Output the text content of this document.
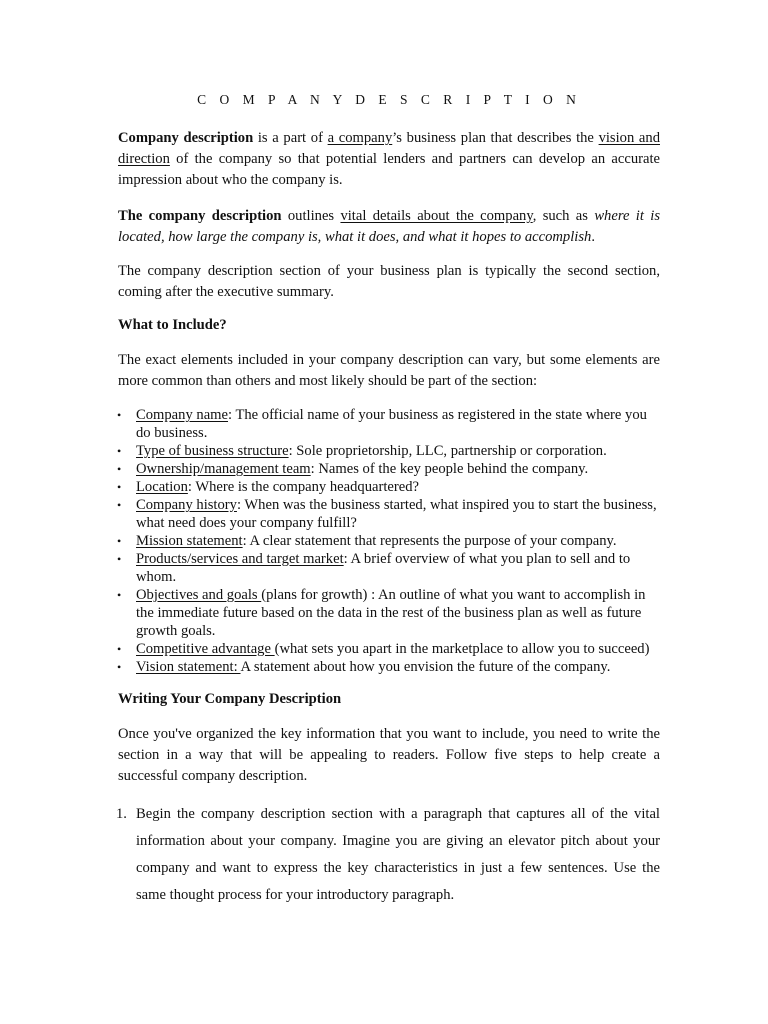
C O M P A N Y D E S C R I P T I O N

Company description is a part of a company’s business plan that describes the vision and direction of the company so that potential lenders and partners can develop an accurate impression about who the company is.

The company description outlines vital details about the company, such as where it is located, how large the company is, what it does, and what it hopes to accomplish.

The company description section of your business plan is typically the second section, coming after the executive summary.

What to Include?

The exact elements included in your company description can vary, but some elements are more common than others and most likely should be part of the section:

• Company name: The official name of your business as registered in the state where you do business.
• Type of business structure: Sole proprietorship, LLC, partnership or corporation.
• Ownership/management team: Names of the key people behind the company.
• Location: Where is the company headquartered?
• Company history: When was the business started, what inspired you to start the business, what need does your company fulfill?
• Mission statement: A clear statement that represents the purpose of your company.
• Products/services and target market: A brief overview of what you plan to sell and to whom.
• Objectives and goals (plans for growth) : An outline of what you want to accomplish in the immediate future based on the data in the rest of the business plan as well as future growth goals.
• Competitive advantage (what sets you apart in the marketplace to allow you to succeed)
• Vision statement: A statement about how you envision the future of the company.
Writing Your Company Description

Once you've organized the key information that you want to include, you need to write the section in a way that will be appealing to readers. Follow five steps to help create a successful company description.

1. Begin the company description section with a paragraph that captures all of the vital information about your company. Imagine you are giving an elevator pitch about your company and want to express the key characteristics in just a few sentences. Use the same thought process for your introductory paragraph.
